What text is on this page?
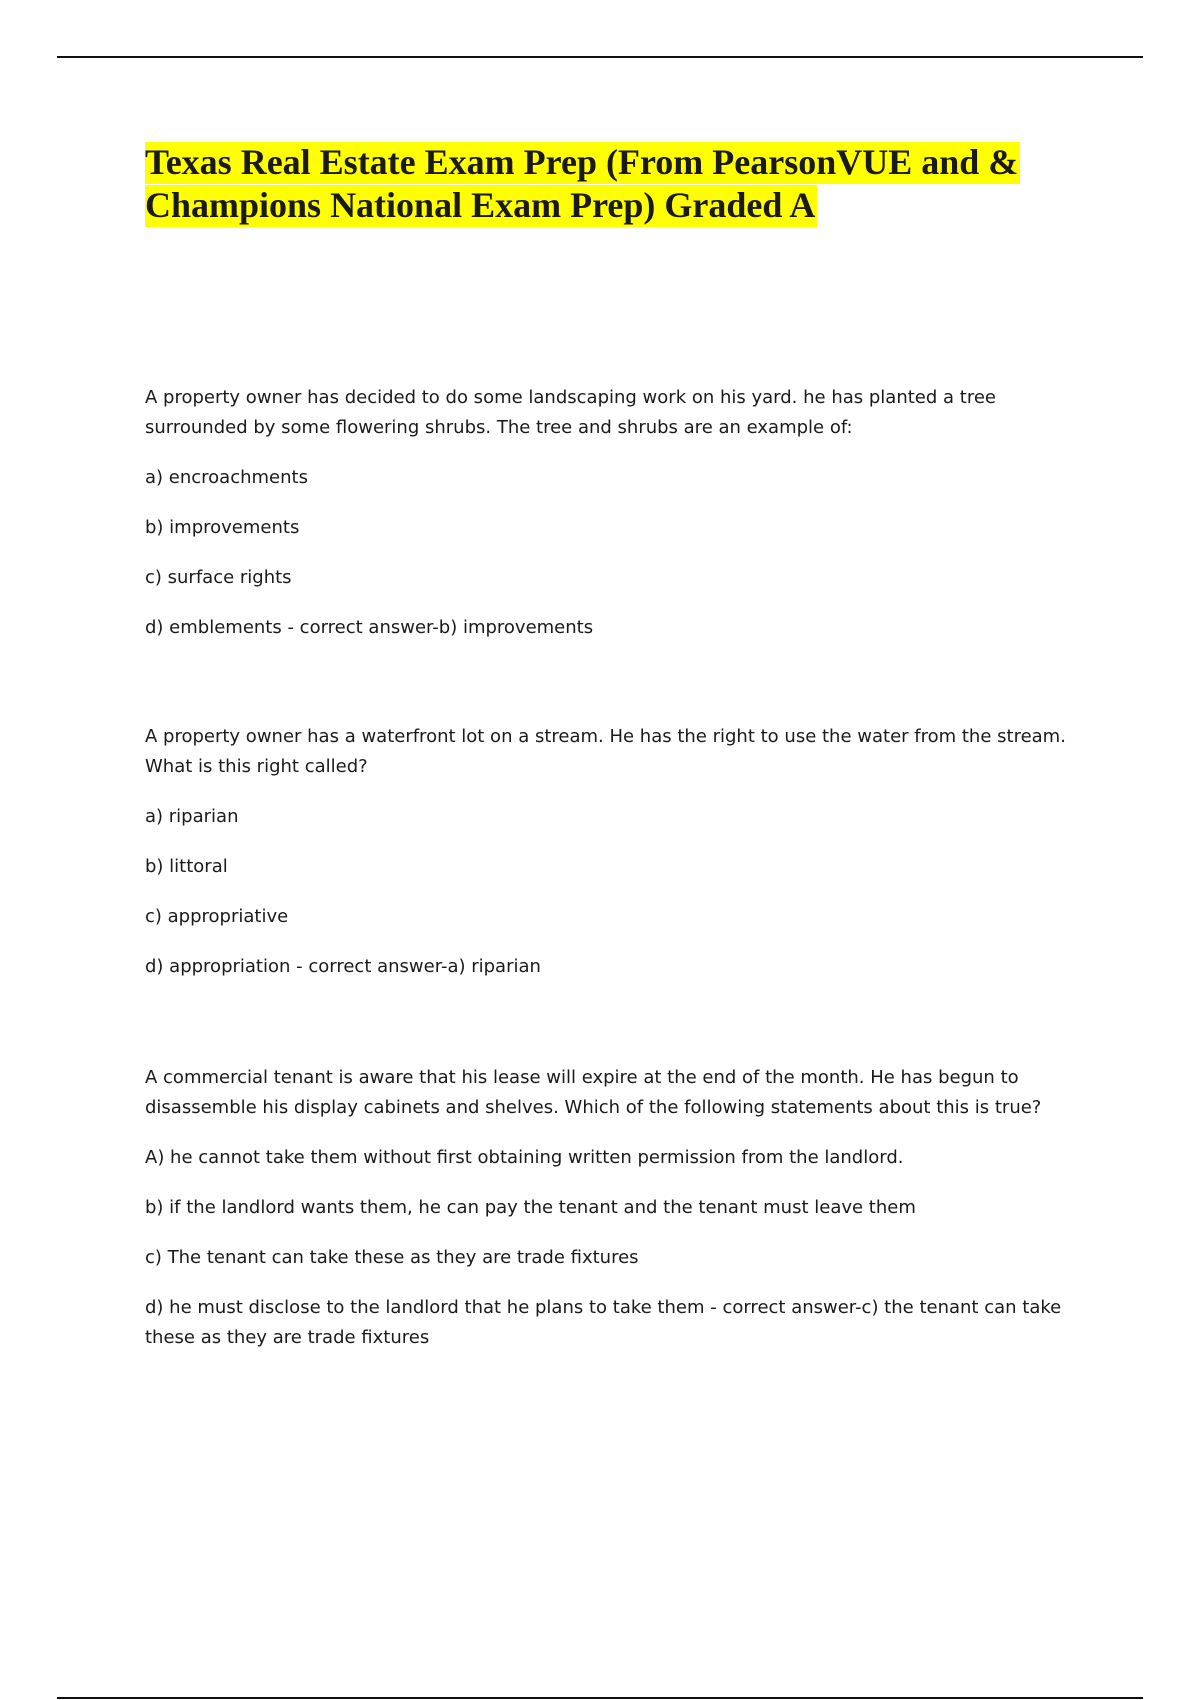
Texas Real Estate Exam Prep (From PearsonVUE and &
Champions National Exam Prep) Graded A

A property owner has decided to do some landscaping work on his yard. he has planted a tree surrounded by some flowering shrubs. The tree and shrubs are an example of:

a) encroachments

b) improvements

c) surface rights

d) emblements - correct answer-b) improvements

A property owner has a waterfront lot on a stream. He has the right to use the water from the stream. What is this right called?

a) riparian

b) littoral

c) appropriative

d) appropriation - correct answer-a) riparian

A commercial tenant is aware that his lease will expire at the end of the month. He has begun to disassemble his display cabinets and shelves. Which of the following statements about this is true?

A) he cannot take them without first obtaining written permission from the landlord.

b) if the landlord wants them, he can pay the tenant and the tenant must leave them

c) The tenant can take these as they are trade fixtures

d) he must disclose to the landlord that he plans to take them - correct answer-c) the tenant can take these as they are trade fixtures
